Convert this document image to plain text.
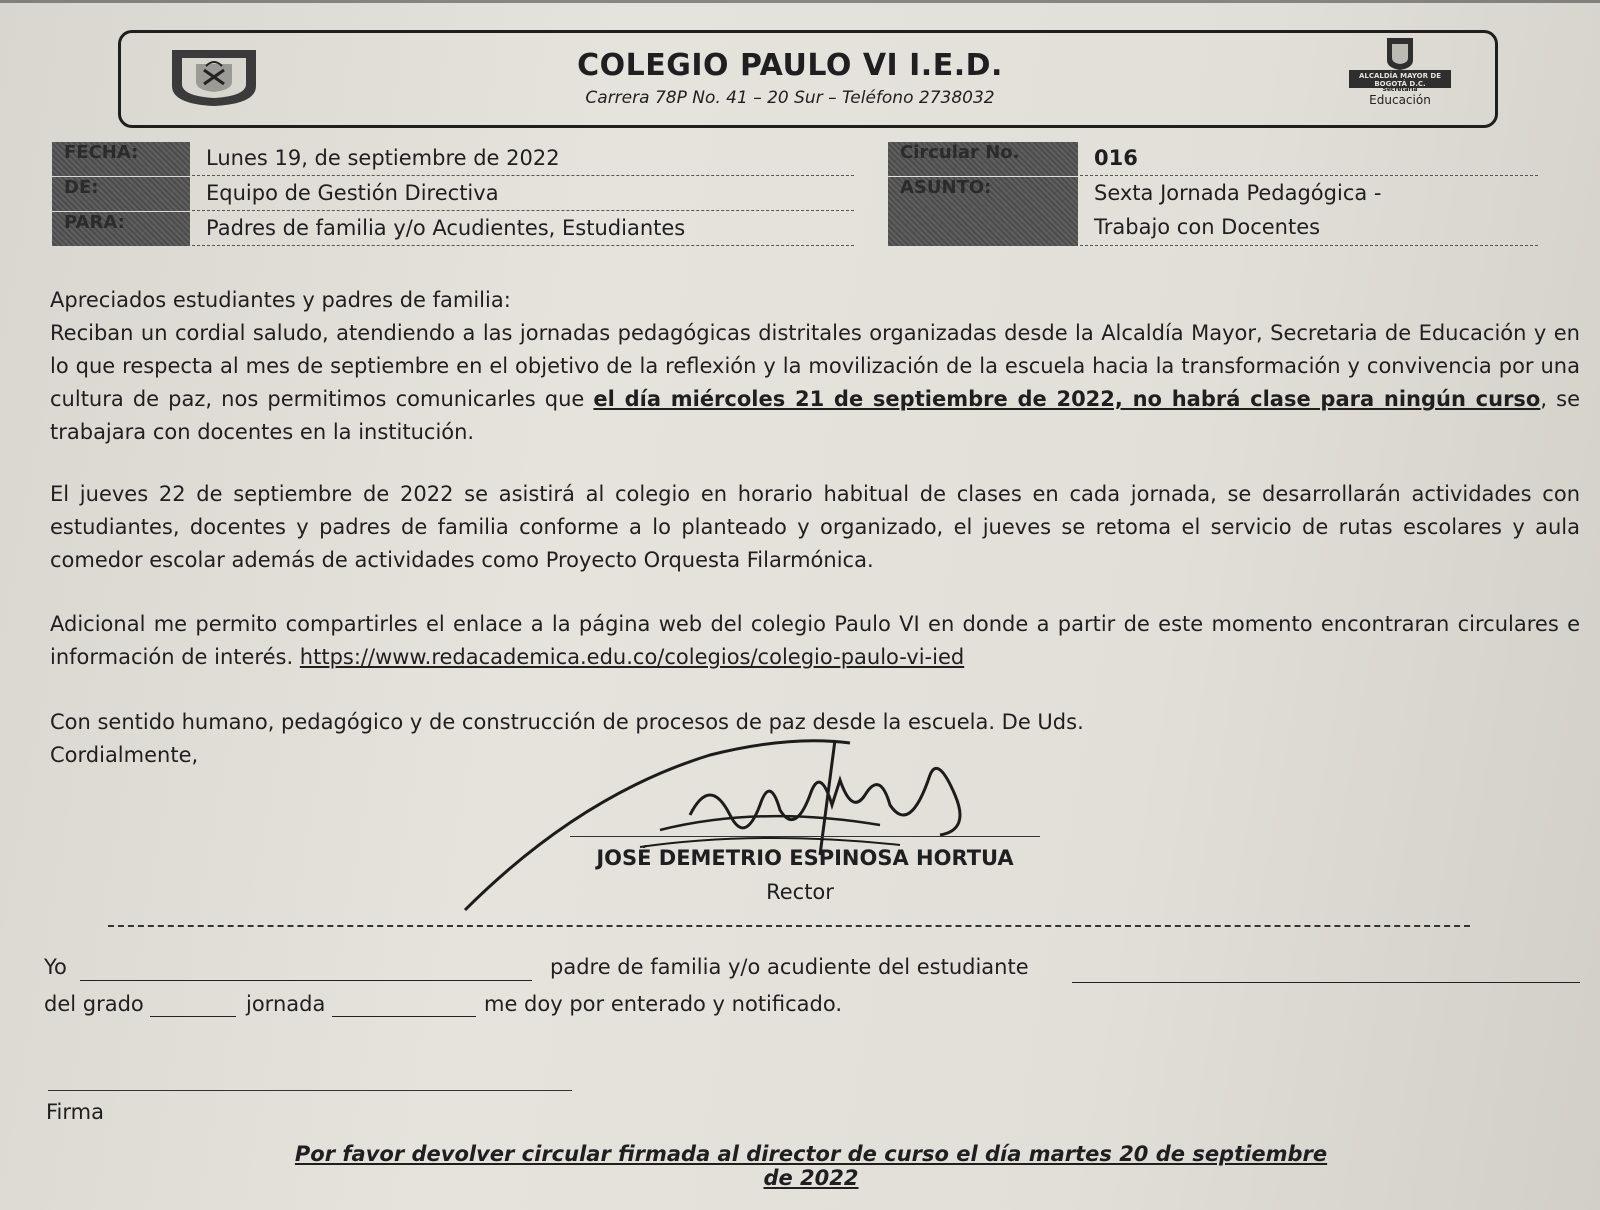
COLEGIO PAULO VI I.E.D.
Carrera 78P No. 41 – 20 Sur – Teléfono 2738032
ALCALDÍA MAYOR DE BOGOTÁ D.C.
Secretaría
Educación
FECHA:	Lunes 19, de septiembre de 2022
DE:	Equipo de Gestión Directiva
PARA:	Padres de familia y/o Acudientes, Estudiantes
Circular No.	016
ASUNTO:	Sexta Jornada Pedagógica -
Trabajo con Docentes
Apreciados estudiantes y padres de familia:
Reciban un cordial saludo, atendiendo a las jornadas pedagógicas distritales organizadas desde la Alcaldía Mayor, Secretaria de Educación y en lo que respecta al mes de septiembre en el objetivo de la reflexión y la movilización de la escuela hacia la transformación y convivencia por una cultura de paz, nos permitimos comunicarles que el día miércoles 21 de septiembre de 2022, no habrá clase para ningún curso, se trabajara con docentes en la institución.
El jueves 22 de septiembre de 2022 se asistirá al colegio en horario habitual de clases en cada jornada, se desarrollarán actividades con estudiantes, docentes y padres de familia conforme a lo planteado y organizado, el jueves se retoma el servicio de rutas escolares y aula comedor escolar además de actividades como Proyecto Orquesta Filarmónica.
Adicional me permito compartirles el enlace a la página web del colegio Paulo VI en donde a partir de este momento encontraran circulares e información de interés. https://www.redacademica.edu.co/colegios/colegio-paulo-vi-ied
Con sentido humano, pedagógico y de construcción de procesos de paz desde la escuela. De Uds.
Cordialmente,
JOSÉ DEMETRIO ESPINOSA HORTUA
Rector
Yo	padre de familia y/o acudiente del estudiante
del grado	jornada	me doy por enterado y notificado.
Firma
Por favor devolver circular firmada al director de curso el día martes 20 de septiembre de 2022
